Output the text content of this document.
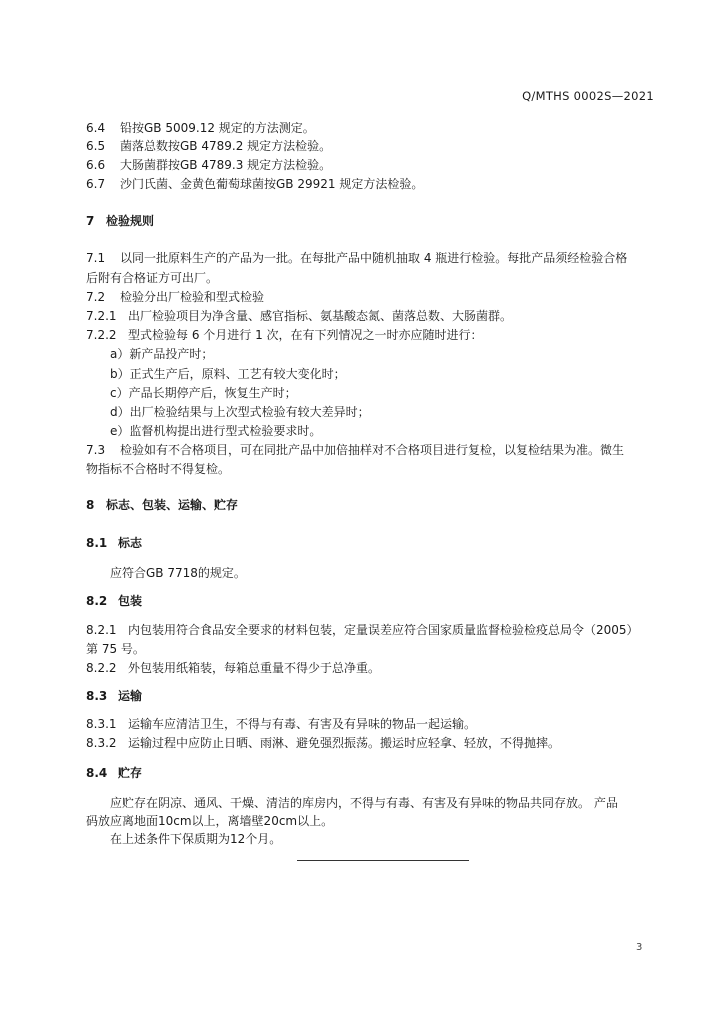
Q/MTHS 0002S—2021
6.4 铅按GB 5009.12 规定的方法测定。
6.5 菌落总数按GB 4789.2 规定方法检验。
6.6 大肠菌群按GB 4789.3 规定方法检验。
6.7 沙门氏菌、金黄色葡萄球菌按GB 29921 规定方法检验。
7 检验规则
7.1 以同一批原料生产的产品为一批。在每批产品中随机抽取 4 瓶进行检验。每批产品须经检验合格
后附有合格证方可出厂。
7.2 检验分出厂检验和型式检验
7.2.1 出厂检验项目为净含量、感官指标、氨基酸态氮、菌落总数、大肠菌群。
7.2.2 型式检验每 6 个月进行 1 次，在有下列情况之一时亦应随时进行：
a）新产品投产时；
b）正式生产后，原料、工艺有较大变化时；
c）产品长期停产后，恢复生产时；
d）出厂检验结果与上次型式检验有较大差异时；
e）监督机构提出进行型式检验要求时。
7.3 检验如有不合格项目，可在同批产品中加倍抽样对不合格项目进行复检，以复检结果为准。微生
物指标不合格时不得复检。
8 标志、包装、运输、贮存
8.1 标志
应符合GB 7718的规定。
8.2 包装
8.2.1 内包装用符合食品安全要求的材料包装，定量误差应符合国家质量监督检验检疫总局令（2005）
第 75 号。
8.2.2 外包装用纸箱装，每箱总重量不得少于总净重。
8.3 运输
8.3.1 运输车应清洁卫生，不得与有毒、有害及有异味的物品一起运输。
8.3.2 运输过程中应防止日晒、雨淋、避免强烈振荡。搬运时应轻拿、轻放，不得抛摔。
8.4 贮存
应贮存在阴凉、通风、干燥、清洁的库房内，不得与有毒、有害及有异味的物品共同存放。 产品
码放应离地面10cm以上，离墙壁20cm以上。
在上述条件下保质期为12个月。
3
